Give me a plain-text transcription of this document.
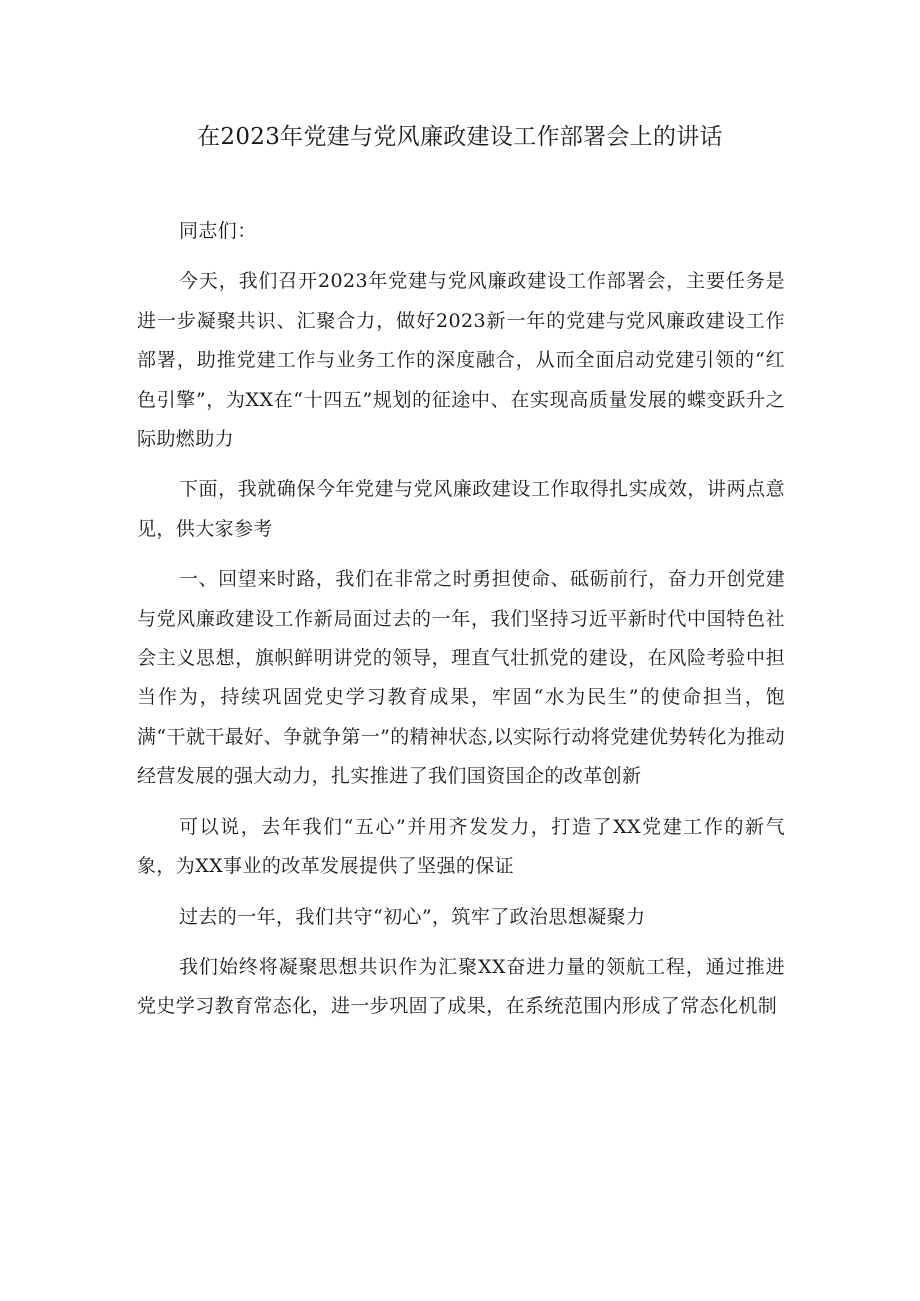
在2023年党建与党风廉政建设工作部署会上的讲话

同志们：

今天，我们召开2023年党建与党风廉政建设工作部署会，主要任务是进一步凝聚共识、汇聚合力，做好2023新一年的党建与党风廉政建设工作部署，助推党建工作与业务工作的深度融合，从而全面启动党建引领的“红色引擎”，为XX在“十四五”规划的征途中、在实现高质量发展的蝶变跃升之际助燃助力

下面，我就确保今年党建与党风廉政建设工作取得扎实成效，讲两点意见，供大家参考

一、回望来时路，我们在非常之时勇担使命、砥砺前行，奋力开创党建与党风廉政建设工作新局面过去的一年，我们坚持习近平新时代中国特色社会主义思想，旗帜鲜明讲党的领导，理直气壮抓党的建设，在风险考验中担当作为，持续巩固党史学习教育成果，牢固“水为民生”的使命担当，饱满“干就干最好、争就争第一”的精神状态,以实际行动将党建优势转化为推动经营发展的强大动力，扎实推进了我们国资国企的改革创新

可以说，去年我们“五心”并用齐发发力，打造了XX党建工作的新气象，为XX事业的改革发展提供了坚强的保证

过去的一年，我们共守“初心”，筑牢了政治思想凝聚力

我们始终将凝聚思想共识作为汇聚XX奋进力量的领航工程，通过推进党史学习教育常态化，进一步巩固了成果，在系统范围内形成了常态化机制
